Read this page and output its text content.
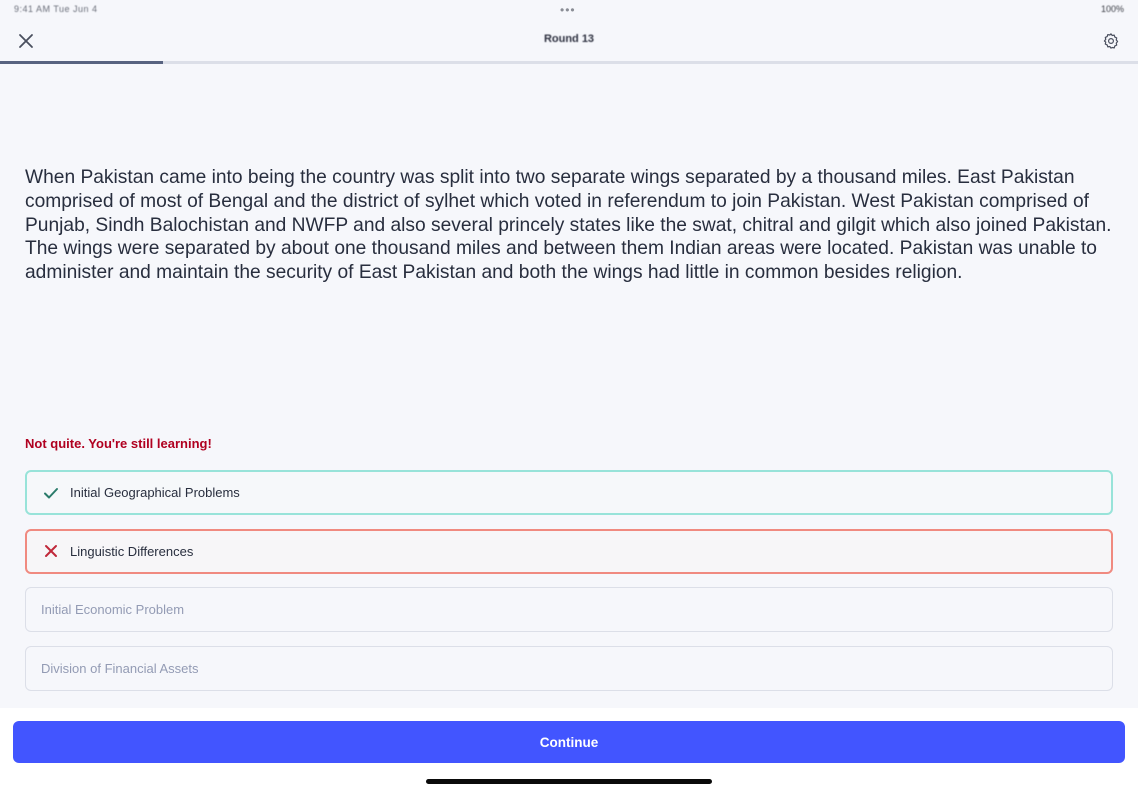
9:41 AM Tue Jun 4	•••	100%
Round 13
When Pakistan came into being the country was split into two separate wings separated by a thousand miles. East Pakistan comprised of most of Bengal and the district of sylhet which voted in referendum to join Pakistan. West Pakistan comprised of Punjab, Sindh Balochistan and NWFP and also several princely states like the swat, chitral and gilgit which also joined Pakistan. The wings were separated by about one thousand miles and between them Indian areas were located. Pakistan was unable to administer and maintain the security of East Pakistan and both the wings had little in common besides religion.
Not quite. You're still learning!
Initial Geographical Problems
Linguistic Differences
Initial Economic Problem
Division of Financial Assets
Continue
